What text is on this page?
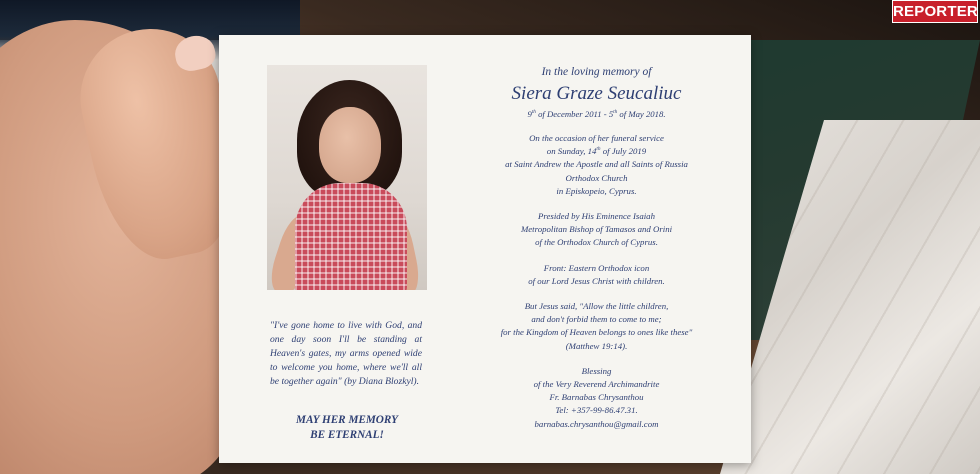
"I've gone home to live with God, and one day soon I'll be standing at Heaven's gates, my arms opened wide to welcome you home, where we'll all be together again" (by Diana Blozkyl).
MAY HER MEMORY
BE ETERNAL!
In the loving memory of
Siera Graze Seucaliuc
9th of December 2011 - 5th of May 2018.
On the occasion of her funeral service
on Sunday, 14th of July 2019
at Saint Andrew the Apostle and all Saints of Russia
Orthodox Church
in Episkopeio, Cyprus.
Presided by His Eminence Isaiah
Metropolitan Bishop of Tamasos and Orini
of the Orthodox Church of Cyprus.
Front: Eastern Orthodox icon
of our Lord Jesus Christ with children.
But Jesus said, "Allow the little children,
and don't forbid them to come to me;
for the Kingdom of Heaven belongs to ones like these"
(Matthew 19:14).
Blessing
of the Very Reverend Archimandrite
Fr. Barnabas Chrysanthou
Tel: +357-99-86.47.31.
barnabas.chrysanthou@gmail.com
REPORTER
